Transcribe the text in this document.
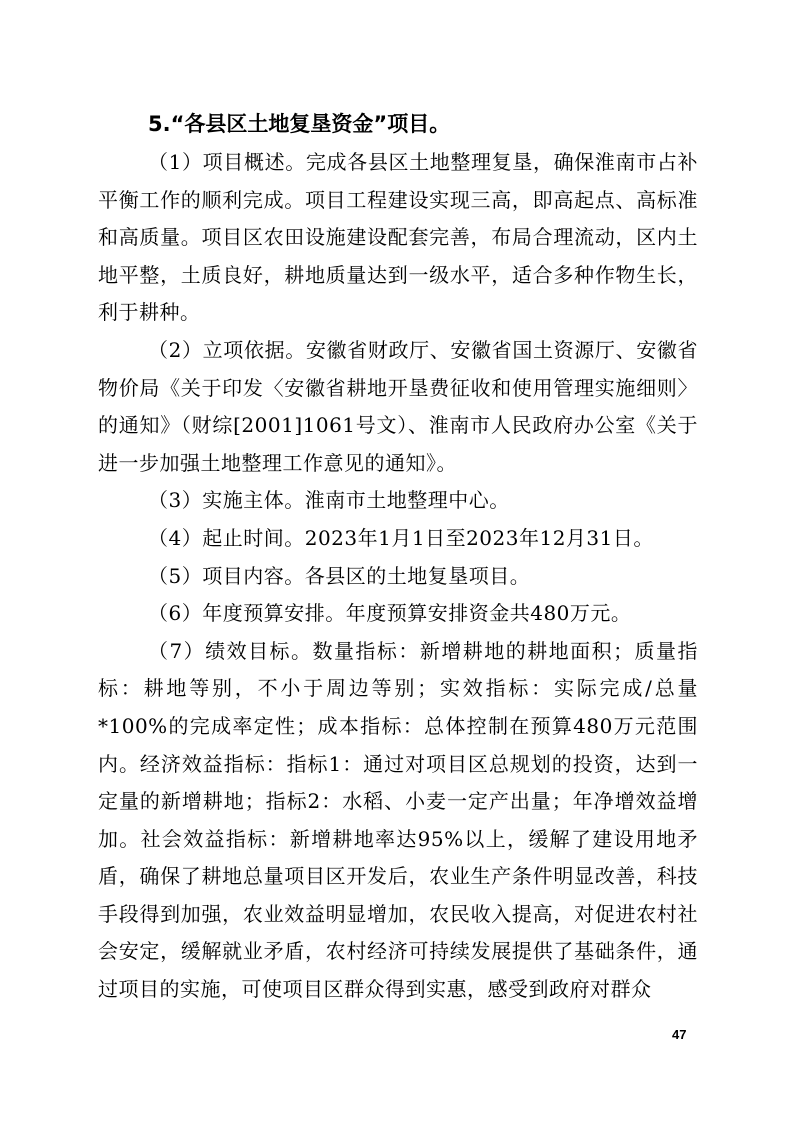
5.“各县区土地复垦资金”项目。

（1）项目概述。完成各县区土地整理复垦，确保淮南市占补平衡工作的顺利完成。项目工程建设实现三高，即高起点、高标准和高质量。项目区农田设施建设配套完善，布局合理流动，区内土地平整，土质良好，耕地质量达到一级水平，适合多种作物生长，利于耕种。

（2）立项依据。安徽省财政厅、安徽省国土资源厅、安徽省物价局《关于印发〈安徽省耕地开垦费征收和使用管理实施细则〉的通知》（财综[2001]1061号文）、淮南市人民政府办公室《关于进一步加强土地整理工作意见的通知》。

（3）实施主体。淮南市土地整理中心。

（4）起止时间。2023年1月1日至2023年12月31日。

（5）项目内容。各县区的土地复垦项目。

（6）年度预算安排。年度预算安排资金共480万元。

（7）绩效目标。数量指标：新增耕地的耕地面积；质量指标：耕地等别，不小于周边等别；实效指标：实际完成/总量*100%的完成率定性；成本指标：总体控制在预算480万元范围内。经济效益指标：指标1：通过对项目区总规划的投资，达到一定量的新增耕地；指标2：水稻、小麦一定产出量；年净增效益增加。社会效益指标：新增耕地率达95%以上，缓解了建设用地矛盾，确保了耕地总量项目区开发后，农业生产条件明显改善，科技手段得到加强，农业效益明显增加，农民收入提高，对促进农村社会安定，缓解就业矛盾，农村经济可持续发展提供了基础条件，通过项目的实施，可使项目区群众得到实惠，感受到政府对群众

47
